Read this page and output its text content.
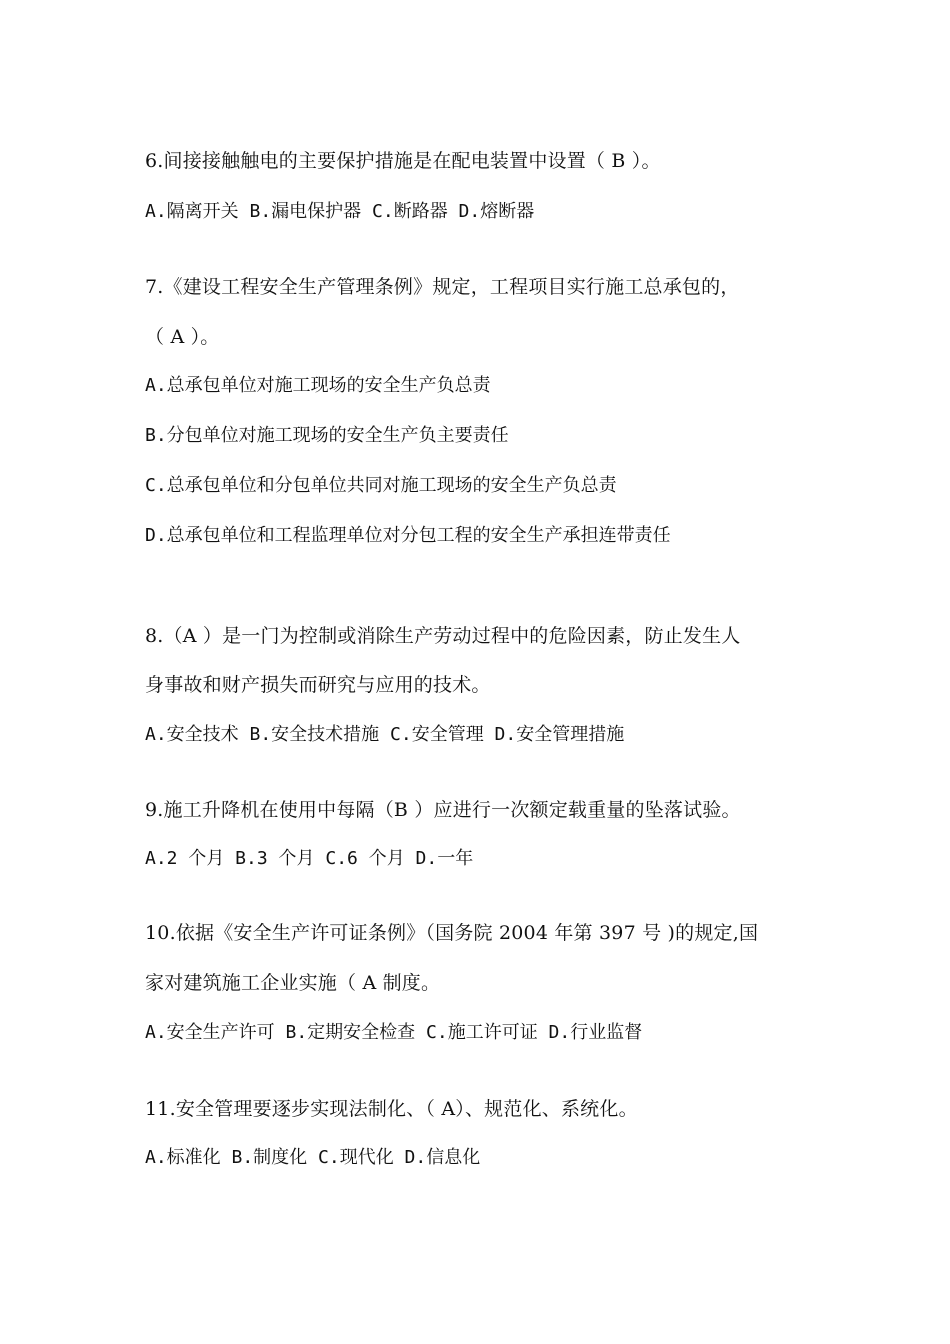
6.间接接触触电的主要保护措施是在配电装置中设置（ B ）。
A.隔离开关 B.漏电保护器 C.断路器 D.熔断器
7.《建设工程安全生产管理条例》规定，工程项目实行施工总承包的，
（ A ）。
A.总承包单位对施工现场的安全生产负总责
B.分包单位对施工现场的安全生产负主要责任
C.总承包单位和分包单位共同对施工现场的安全生产负总责
D.总承包单位和工程监理单位对分包工程的安全生产承担连带责任
8.（A ）是一门为控制或消除生产劳动过程中的危险因素，防止发生人
身事故和财产损失而研究与应用的技术。
A.安全技术 B.安全技术措施 C.安全管理 D.安全管理措施
9.施工升降机在使用中每隔（B ）应进行一次额定载重量的坠落试验。
A.2 个月 B.3 个月 C.6 个月 D.一年
10.依据《安全生产许可证条例》（国务院 2004 年第 397 号 )的规定,国
家对建筑施工企业实施（ A 制度。
A.安全生产许可 B.定期安全检查 C.施工许可证 D.行业监督
11.安全管理要逐步实现法制化、（ A）、规范化、系统化。
A.标准化 B.制度化 C.现代化 D.信息化
